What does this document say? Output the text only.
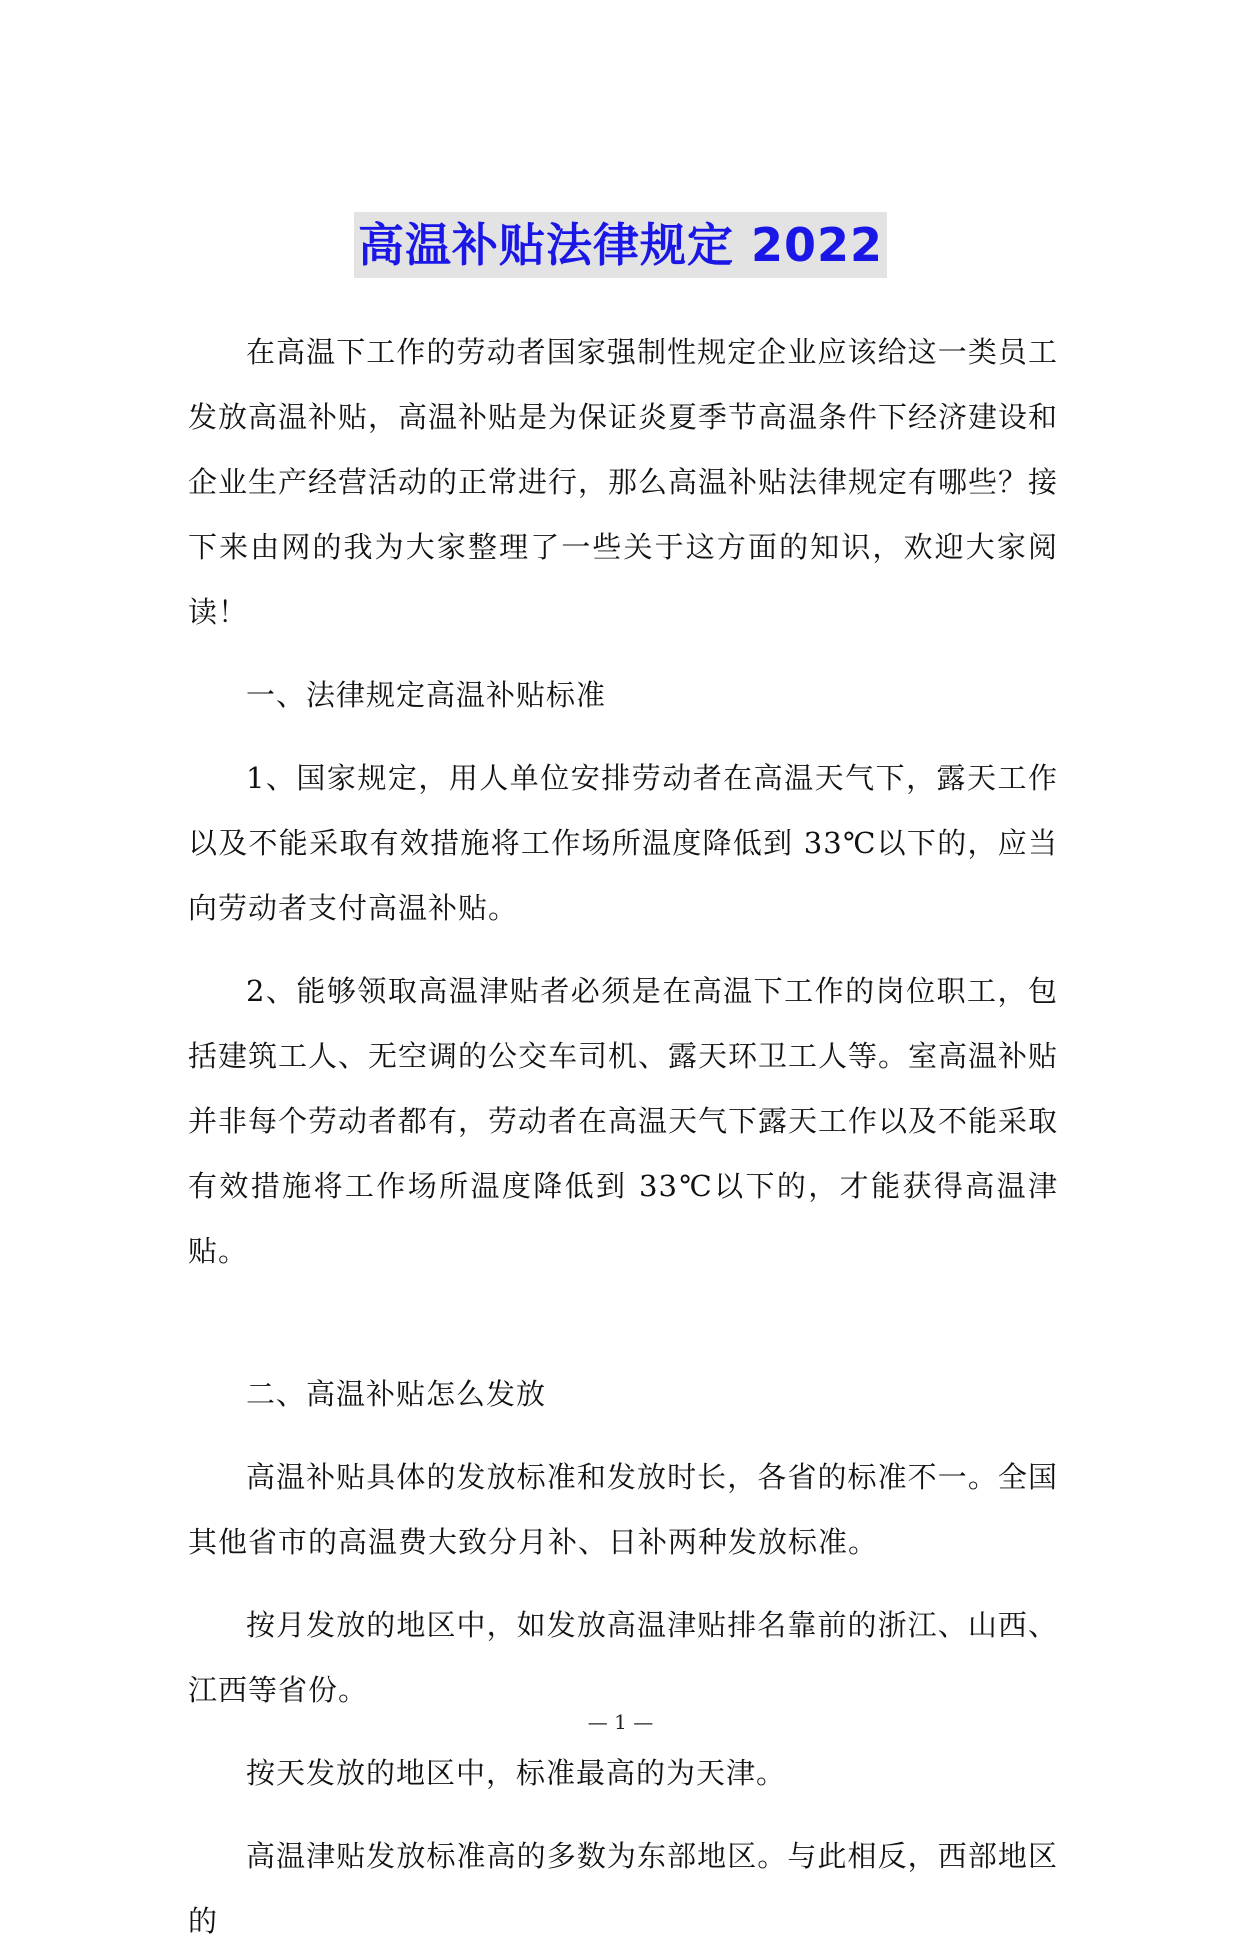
高温补贴法律规定 2022

在高温下工作的劳动者国家强制性规定企业应该给这一类员工发放高温补贴，高温补贴是为保证炎夏季节高温条件下经济建设和企业生产经营活动的正常进行，那么高温补贴法律规定有哪些？接下来由网的我为大家整理了一些关于这方面的知识，欢迎大家阅读！

一、法律规定高温补贴标准

1、国家规定，用人单位安排劳动者在高温天气下，露天工作以及不能采取有效措施将工作场所温度降低到 33℃以下的，应当向劳动者支付高温补贴。

2、能够领取高温津贴者必须是在高温下工作的岗位职工，包括建筑工人、无空调的公交车司机、露天环卫工人等。室高温补贴并非每个劳动者都有，劳动者在高温天气下露天工作以及不能采取有效措施将工作场所温度降低到 33℃以下的，才能获得高温津贴。

二、高温补贴怎么发放

高温补贴具体的发放标准和发放时长，各省的标准不一。全国其他省市的高温费大致分月补、日补两种发放标准。

按月发放的地区中，如发放高温津贴排名靠前的浙江、山西、江西等省份。

按天发放的地区中，标准最高的为天津。

高温津贴发放标准高的多数为东部地区。与此相反，西部地区的

— 1 —
